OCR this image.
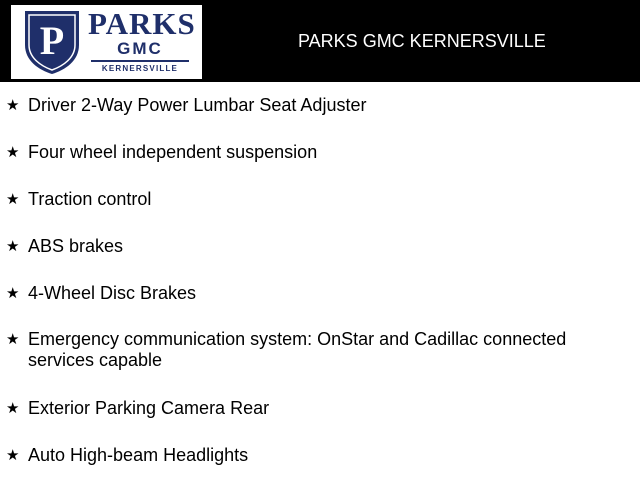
P PARKS
GMC
KERNERSVILLE
PARKS GMC KERNERSVILLE
★ Driver 2-Way Power Lumbar Seat Adjuster
★ Four wheel independent suspension
★ Traction control
★ ABS brakes
★ 4-Wheel Disc Brakes
★ Emergency communication system: OnStar and Cadillac connected services capable
★ Exterior Parking Camera Rear
★ Auto High-beam Headlights
